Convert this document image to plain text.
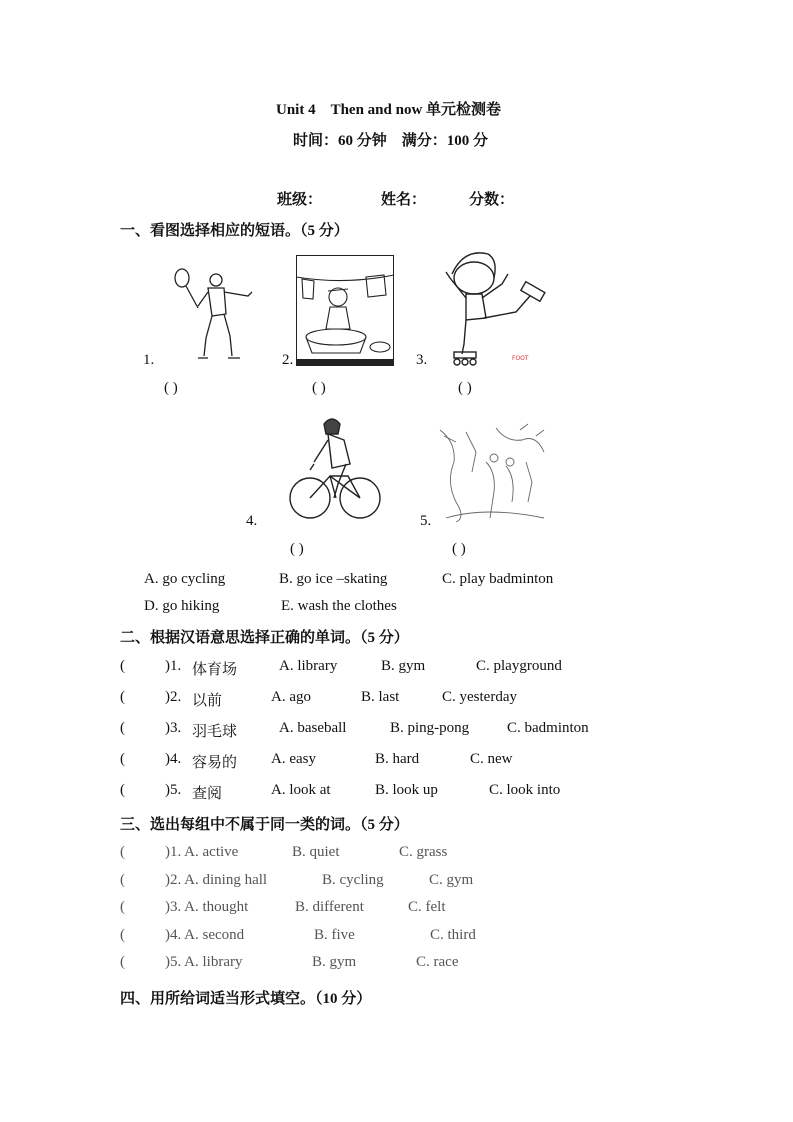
Unit 4　Then and now 单元检测卷
时间：60 分钟　满分：100 分
班级：	姓名：	分数：
一、看图选择相应的短语。（5 分）
FOOT
1.	2.	3.
( )	( )	( )
4.	5.
( )	( )
A. go cycling	B. go ice –skating	C. play badminton
D. go hiking	E. wash the clothes
二、根据汉语意思选择正确的单词。（5 分）
(	)1. 体育场	A. library	B. gym	C. playground
(	)2. 以前	A. ago	B. last	C. yesterday
(	)3. 羽毛球	A. baseball	B. ping-pong	C. badminton
(	)4. 容易的 A. easy	B. hard	C. new
(	)5. 查阅	A. look at	B. look up	C. look into
三、选出每组中不属于同一类的词。（5 分）
(	)1. A. active	B. quiet	C. grass
(	)2. A. dining hall	B. cycling	C. gym
(	)3. A. thought	B. different	C. felt
(	)4. A. second	B. five	C. third
(	)5. A. library	B. gym	C. race
四、用所给词适当形式填空。（10 分）
